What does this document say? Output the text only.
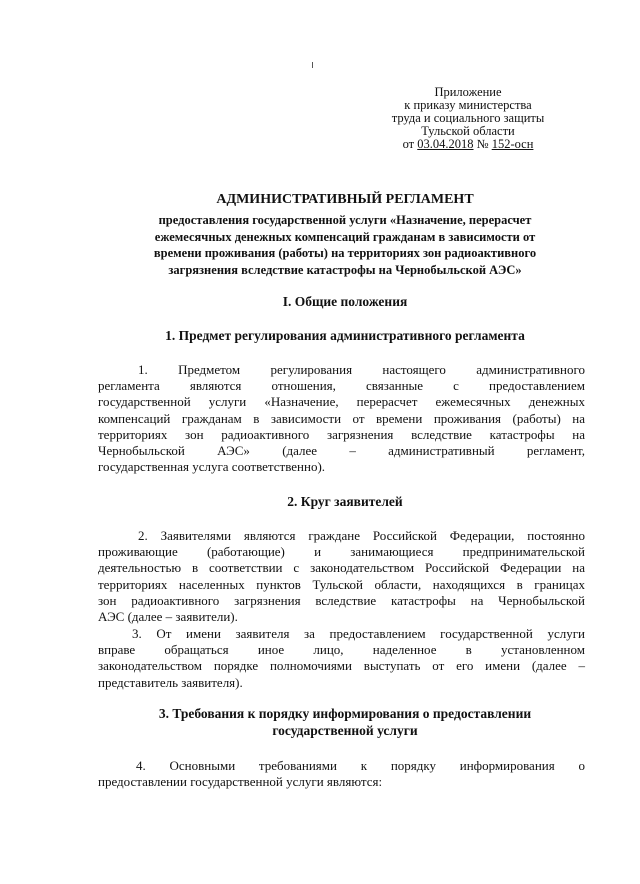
Приложение
к приказу министерства
труда и социального защиты
Тульской области
от 03.04.2018 № 152-осн
АДМИНИСТРАТИВНЫЙ РЕГЛАМЕНТ
предоставления государственной услуги «Назначение, перерасчет
ежемесячных денежных компенсаций гражданам в зависимости от
времени проживания (работы) на территориях зон радиоактивного
загрязнения вследствие катастрофы на Чернобыльской АЭС»
I. Общие положения
1. Предмет регулирования административного регламента
1. Предметом регулирования настоящего административного
регламента являются отношения, связанные с предоставлением
государственной услуги «Назначение, перерасчет ежемесячных денежных
компенсаций гражданам в зависимости от времени проживания (работы) на
территориях зон радиоактивного загрязнения вследствие катастрофы на
Чернобыльской АЭС» (далее – административный регламент,
государственная услуга соответственно).
2. Круг заявителей
2. Заявителями являются граждане Российской Федерации, постоянно
проживающие (работающие) и занимающиеся предпринимательской
деятельностью в соответствии с законодательством Российской Федерации на
территориях населенных пунктов Тульской области, находящихся в границах
зон радиоактивного загрязнения вследствие катастрофы на Чернобыльской
АЭС (далее – заявители).
3. От имени заявителя за предоставлением государственной услуги
вправе обращаться иное лицо, наделенное в установленном
законодательством порядке полномочиями выступать от его имени (далее –
представитель заявителя).
3. Требования к порядку информирования о предоставлении
государственной услуги
4. Основными требованиями к порядку информирования о
предоставлении государственной услуги являются:
